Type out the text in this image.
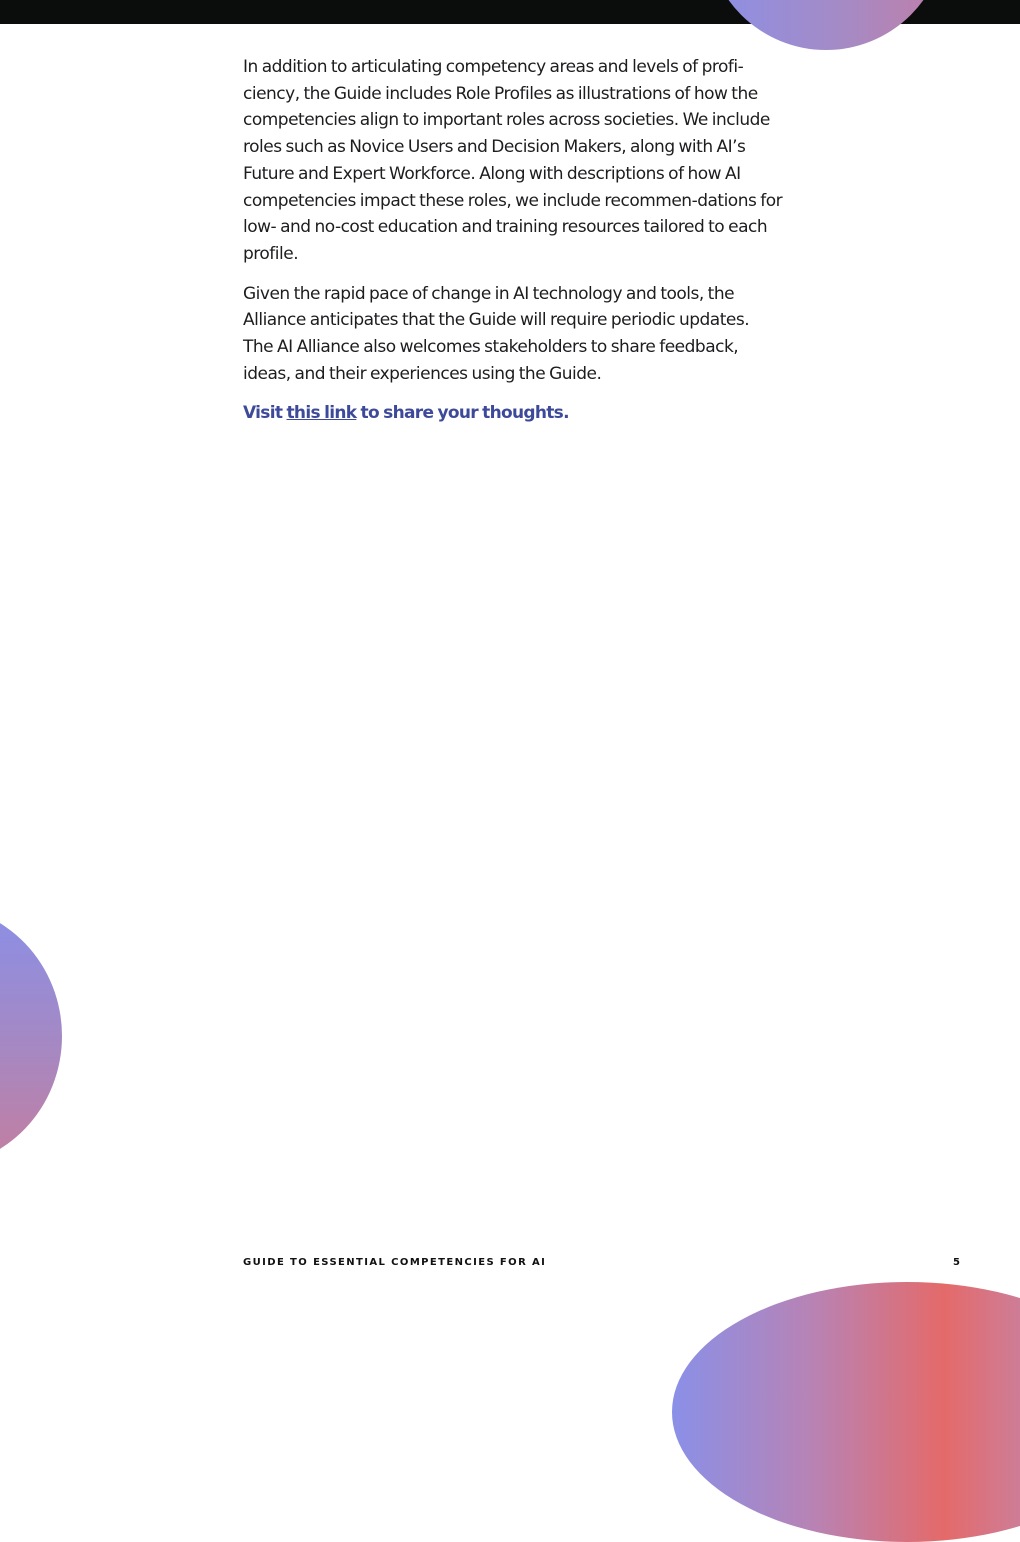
In addition to articulating competency areas and levels of profi-ciency, the Guide includes Role Profiles as illustrations of how the competencies align to important roles across societies. We include roles such as Novice Users and Decision Makers, along with AI’s Future and Expert Workforce. Along with descriptions of how AI competencies impact these roles, we include recommen-dations for low- and no-cost education and training resources tailored to each profile.

Given the rapid pace of change in AI technology and tools, the Alliance anticipates that the Guide will require periodic updates. The AI Alliance also welcomes stakeholders to share feedback, ideas, and their experiences using the Guide.

Visit this link to share your thoughts.

GUIDE TO ESSENTIAL COMPETENCIES FOR AI	5
